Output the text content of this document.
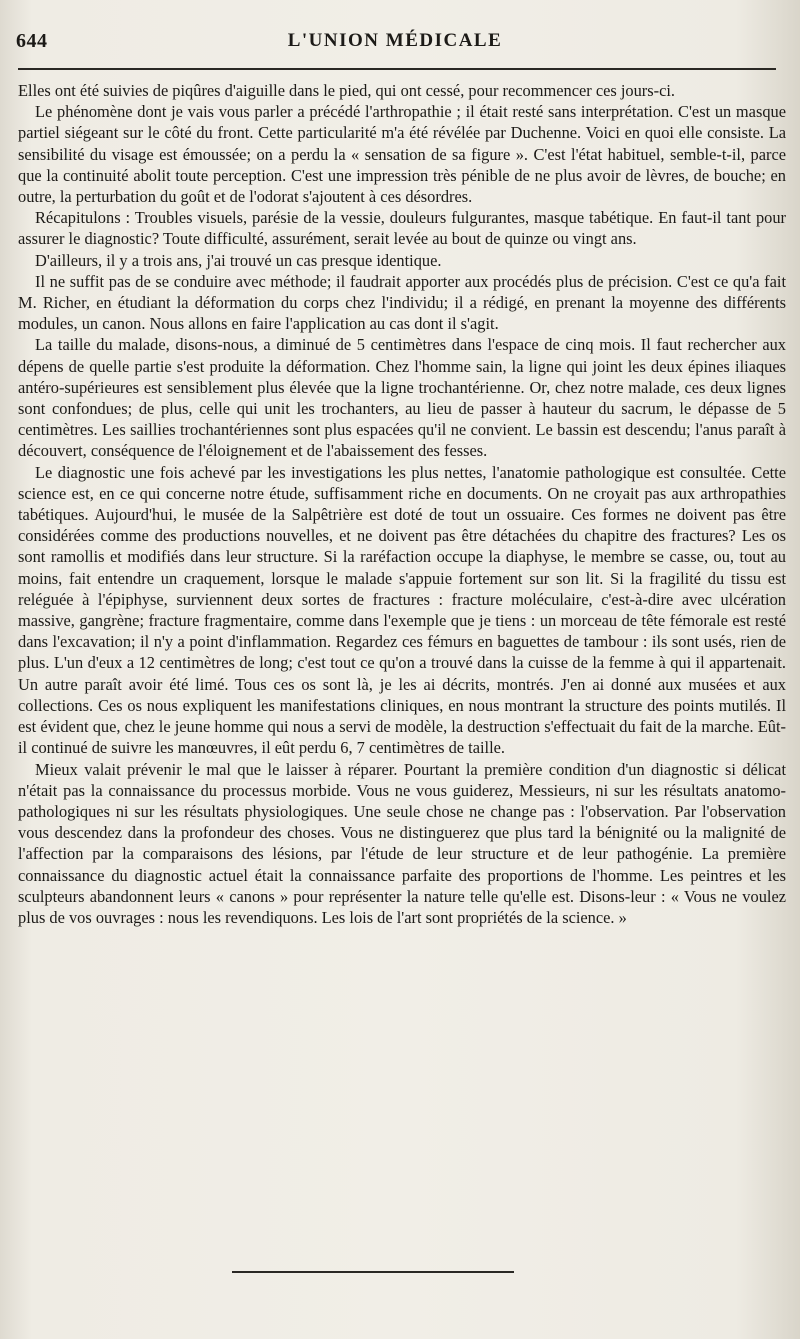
644	L'UNION MÉDICALE

Elles ont été suivies de piqûres d'aiguille dans le pied, qui ont cessé, pour recommencer ces jours-ci.

Le phénomène dont je vais vous parler a précédé l'arthropathie ; il était resté sans interprétation. C'est un masque partiel siégeant sur le côté du front. Cette particularité m'a été révélée par Duchenne. Voici en quoi elle consiste. La sensibilité du visage est émoussée; on a perdu la « sensation de sa figure ». C'est l'état habituel, semble-t-il, parce que la continuité abolit toute perception. C'est une impression très pénible de ne plus avoir de lèvres, de bouche; en outre, la perturbation du goût et de l'odorat s'ajoutent à ces désordres.

Récapitulons : Troubles visuels, parésie de la vessie, douleurs fulgurantes, masque tabétique. En faut-il tant pour assurer le diagnostic? Toute difficulté, assurément, serait levée au bout de quinze ou vingt ans.

D'ailleurs, il y a trois ans, j'ai trouvé un cas presque identique.

Il ne suffit pas de se conduire avec méthode; il faudrait apporter aux procédés plus de précision. C'est ce qu'a fait M. Richer, en étudiant la déformation du corps chez l'individu; il a rédigé, en prenant la moyenne des différents modules, un canon. Nous allons en faire l'application au cas dont il s'agit.

La taille du malade, disons-nous, a diminué de 5 centimètres dans l'espace de cinq mois. Il faut rechercher aux dépens de quelle partie s'est produite la déformation. Chez l'homme sain, la ligne qui joint les deux épines iliaques antéro-supérieures est sensiblement plus élevée que la ligne trochantérienne. Or, chez notre malade, ces deux lignes sont confondues; de plus, celle qui unit les trochanters, au lieu de passer à hauteur du sacrum, le dépasse de 5 centimètres. Les saillies trochantériennes sont plus espacées qu'il ne convient. Le bassin est descendu; l'anus paraît à découvert, conséquence de l'éloignement et de l'abaissement des fesses.

Le diagnostic une fois achevé par les investigations les plus nettes, l'anatomie pathologique est consultée. Cette science est, en ce qui concerne notre étude, suffisamment riche en documents. On ne croyait pas aux arthropathies tabétiques. Aujourd'hui, le musée de la Salpêtrière est doté de tout un ossuaire. Ces formes ne doivent pas être considérées comme des productions nouvelles, et ne doivent pas être détachées du chapitre des fractures? Les os sont ramollis et modifiés dans leur structure. Si la raréfaction occupe la diaphyse, le membre se casse, ou, tout au moins, fait entendre un craquement, lorsque le malade s'appuie fortement sur son lit. Si la fragilité du tissu est reléguée à l'épiphyse, surviennent deux sortes de fractures : fracture moléculaire, c'est-à-dire avec ulcération massive, gangrène; fracture fragmentaire, comme dans l'exemple que je tiens : un morceau de tête fémorale est resté dans l'excavation; il n'y a point d'inflammation. Regardez ces fémurs en baguettes de tambour : ils sont usés, rien de plus. L'un d'eux a 12 centimètres de long; c'est tout ce qu'on a trouvé dans la cuisse de la femme à qui il appartenait. Un autre paraît avoir été limé. Tous ces os sont là, je les ai décrits, montrés. J'en ai donné aux musées et aux collections. Ces os nous expliquent les manifestations cliniques, en nous montrant la structure des points mutilés. Il est évident que, chez le jeune homme qui nous a servi de modèle, la destruction s'effectuait du fait de la marche. Eût-il continué de suivre les manœuvres, il eût perdu 6, 7 centimètres de taille.

Mieux valait prévenir le mal que le laisser à réparer. Pourtant la première condition d'un diagnostic si délicat n'était pas la connaissance du processus morbide. Vous ne vous guiderez, Messieurs, ni sur les résultats anatomo-pathologiques ni sur les résultats physiologiques. Une seule chose ne change pas : l'observation. Par l'observation vous descendez dans la profondeur des choses. Vous ne distinguerez que plus tard la bénignité ou la malignité de l'affection par la comparaisons des lésions, par l'étude de leur structure et de leur pathogénie. La première connaissance du diagnostic actuel était la connaissance parfaite des proportions de l'homme. Les peintres et les sculpteurs abandonnent leurs « canons » pour représenter la nature telle qu'elle est. Disons-leur : « Vous ne voulez plus de vos ouvrages : nous les revendiquons. Les lois de l'art sont propriétés de la science. »
